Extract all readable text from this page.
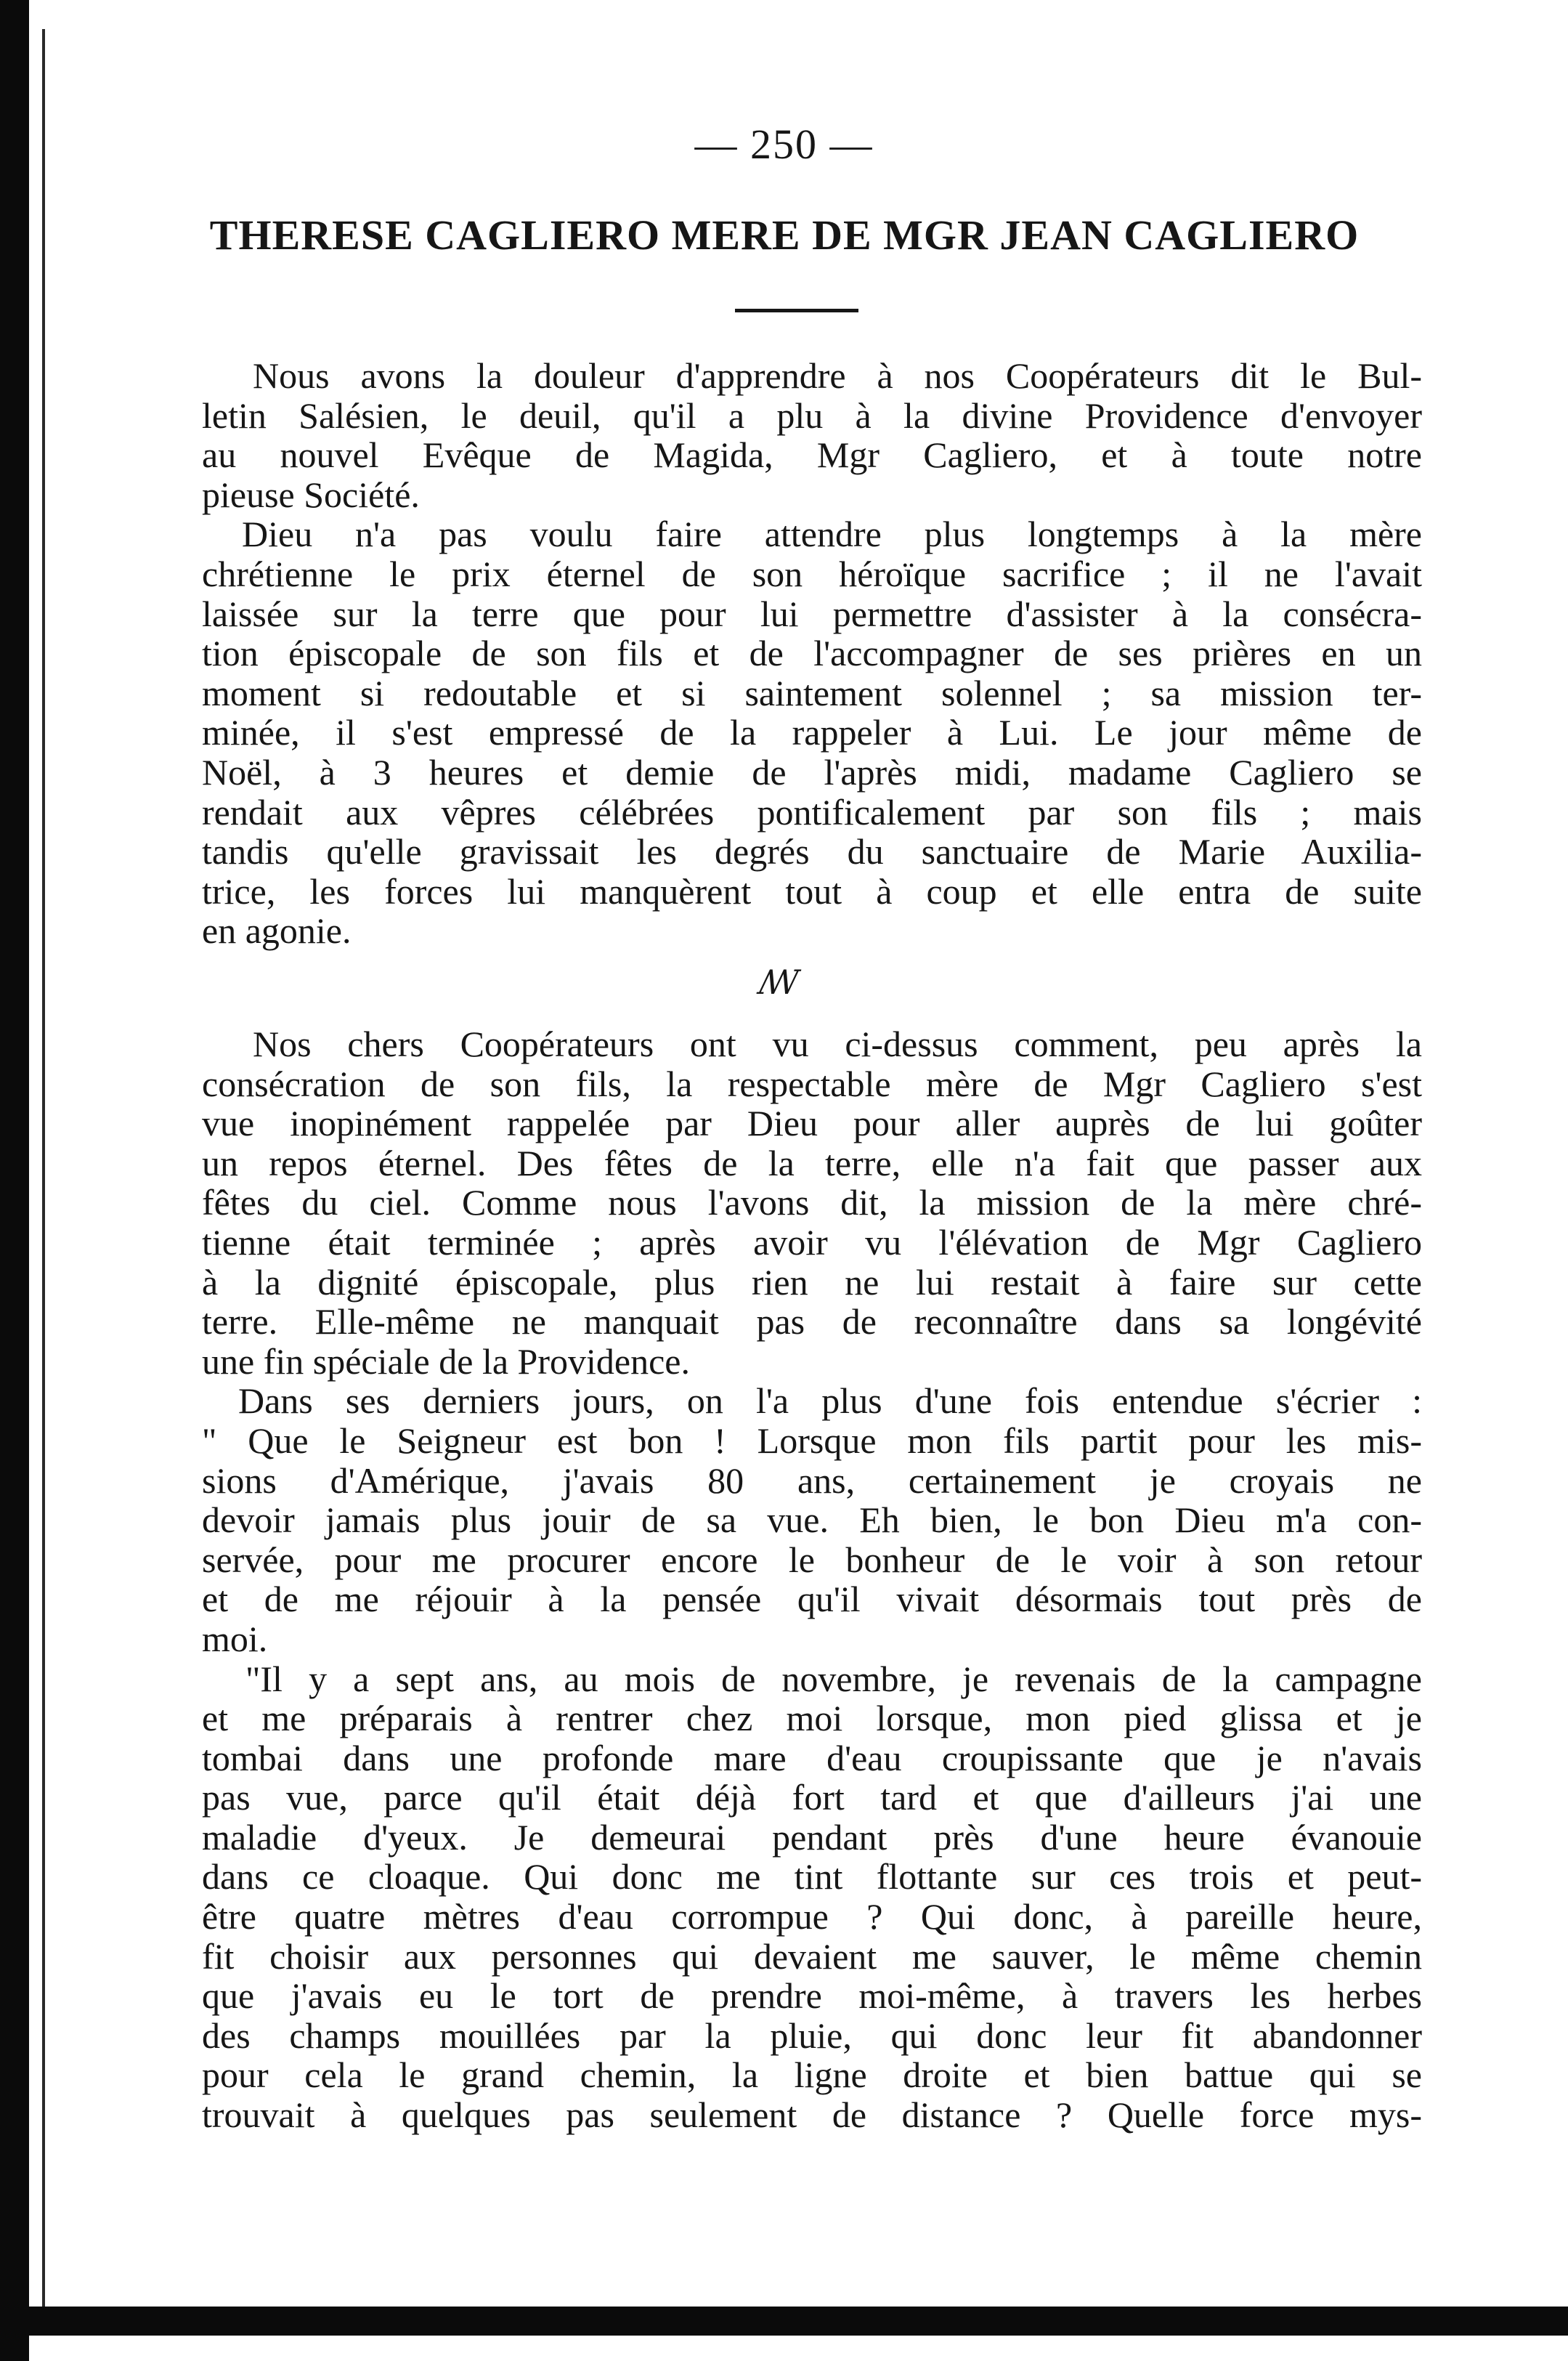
— 250 —
THERESE CAGLIERO MERE DE MGR JEAN CAGLIERO

Nous avons la douleur d'apprendre à nos Coopérateurs dit le Bul-

letin Salésien, le deuil, qu'il a plu à la divine Providence d'envoyer
au nouvel Evêque de Magida, Mgr Cagliero, et à toute notre
pieuse Société.

Dieu n'a pas voulu faire attendre plus longtemps à la mère

chrétienne le prix éternel de son héroïque sacrifice ; il ne l'avait
laissée sur la terre que pour lui permettre d'assister à la consécra-
tion épiscopale de son fils et de l'accompagner de ses prières en un
moment si redoutable et si saintement solennel ; sa mission ter-
minée, il s'est empressé de la rappeler à Lui. Le jour même de
Noël, à 3 heures et demie de l'après midi, madame Cagliero se
rendait aux vêpres célébrées pontificalement par son fils ; mais
tandis qu'elle gravissait les degrés du sanctuaire de Marie Auxilia-
trice, les forces lui manquèrent tout à coup et elle entra de suite
en agonie.

ꟿ

Nos chers Coopérateurs ont vu ci-dessus comment, peu après la

consécration de son fils, la respectable mère de Mgr Cagliero s'est
vue inopinément rappelée par Dieu pour aller auprès de lui goûter
un repos éternel. Des fêtes de la terre, elle n'a fait que passer aux
fêtes du ciel. Comme nous l'avons dit, la mission de la mère chré-
tienne était terminée ; après avoir vu l'élévation de Mgr Cagliero
à la dignité épiscopale, plus rien ne lui restait à faire sur cette
terre. Elle-même ne manquait pas de reconnaître dans sa longévité
une fin spéciale de la Providence.

Dans ses derniers jours, on l'a plus d'une fois entendue s'écrier :

" Que le Seigneur est bon ! Lorsque mon fils partit pour les mis-
sions d'Amérique, j'avais 80 ans, certainement je croyais ne
devoir jamais plus jouir de sa vue. Eh bien, le bon Dieu m'a con-
servée, pour me procurer encore le bonheur de le voir à son retour
et de me réjouir à la pensée qu'il vivait désormais tout près de
moi.

"Il y a sept ans, au mois de novembre, je revenais de la campagne

et me préparais à rentrer chez moi lorsque, mon pied glissa et je
tombai dans une profonde mare d'eau croupissante que je n'avais
pas vue, parce qu'il était déjà fort tard et que d'ailleurs j'ai une
maladie d'yeux. Je demeurai pendant près d'une heure évanouie
dans ce cloaque. Qui donc me tint flottante sur ces trois et peut-
être quatre mètres d'eau corrompue ? Qui donc, à pareille heure,
fit choisir aux personnes qui devaient me sauver, le même chemin
que j'avais eu le tort de prendre moi-même, à travers les herbes
des champs mouillées par la pluie, qui donc leur fit abandonner
pour cela le grand chemin, la ligne droite et bien battue qui se
trouvait à quelques pas seulement de distance ? Quelle force mys-
